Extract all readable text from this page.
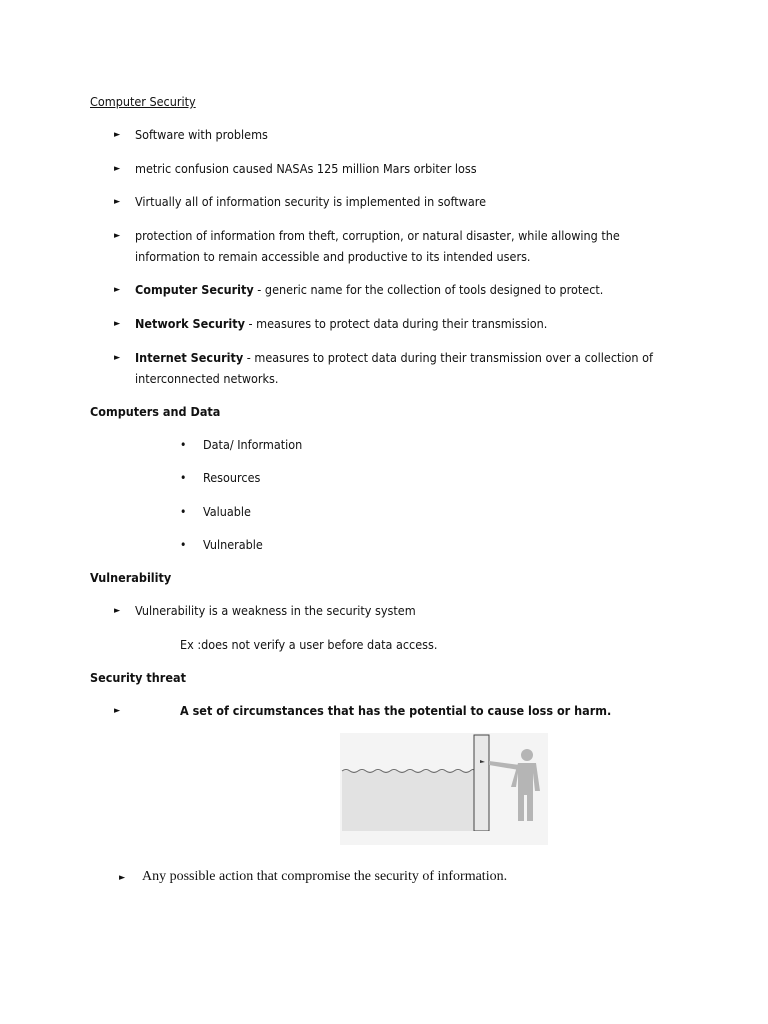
Computer Security
► Software with problems
► metric confusion caused NASAs 125 million Mars orbiter loss
► Virtually all of information security is implemented in software
► protection of information from theft, corruption, or natural disaster, while allowing the
information to remain accessible and productive to its intended users.
► Computer Security - generic name for the collection of tools designed to protect.
► Network Security - measures to protect data during their transmission.
► Internet Security - measures to protect data during their transmission over a collection of
interconnected networks.
Computers and Data
• Data/ Information
• Resources
• Valuable
• Vulnerable
Vulnerability
► Vulnerability is a weakness in the security system
Ex :does not verify a user before data access.
Security threat
►	A set of circumstances that has the potential to cause loss or harm.
► Any possible action that compromise the security of information.
